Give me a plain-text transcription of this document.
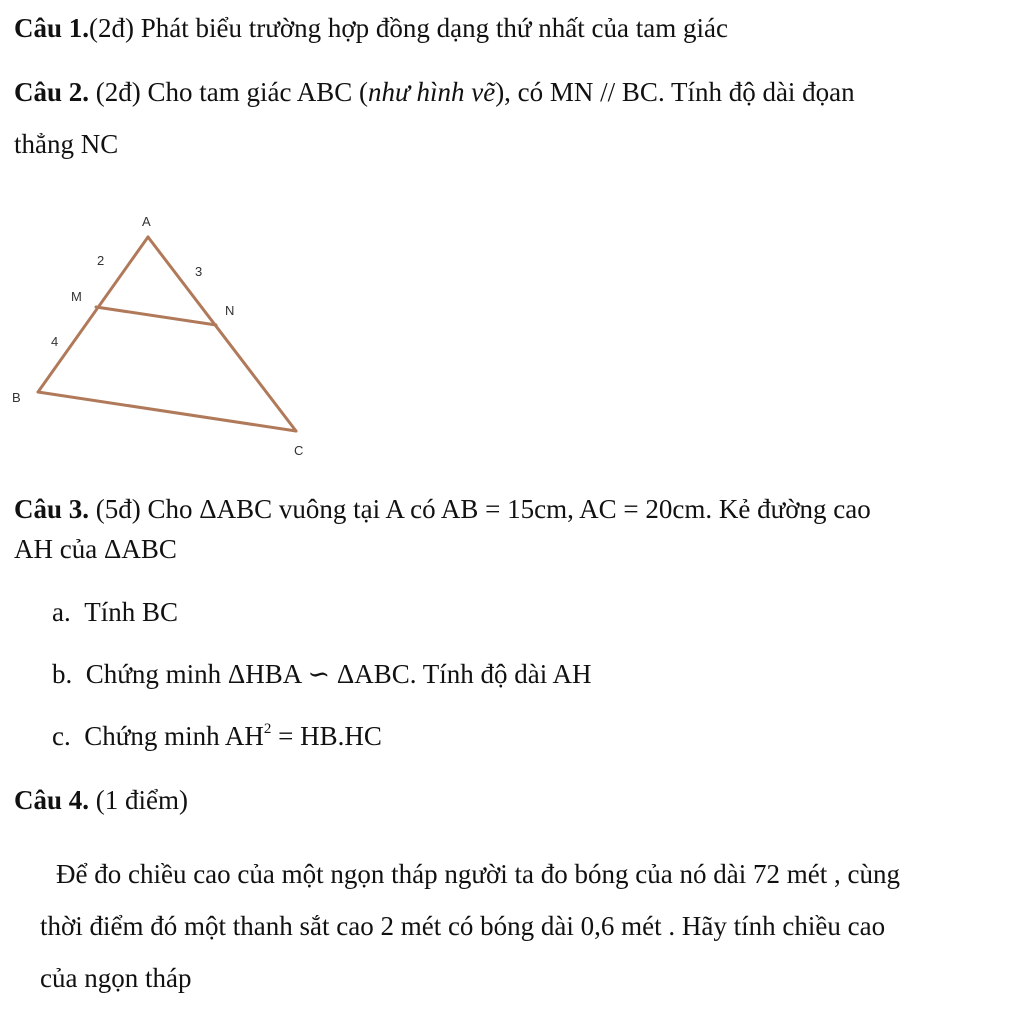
Câu 1.(2đ) Phát biểu trường hợp đồng dạng thứ nhất của tam giác
Câu 2. (2đ) Cho tam giác ABC (như hình vẽ), có MN // BC. Tính độ dài đọan
thẳng NC
A
M
N
B
C
2
3
4
Câu 3. (5đ) Cho ΔABC vuông tại A có AB = 15cm, AC = 20cm. Kẻ đường cao
AH của ΔABC
a. Tính BC
b. Chứng minh ΔHBA ∽ ΔABC. Tính độ dài AH
c. Chứng minh $AH^2 = HB.HC$
Câu 4. (1 điểm)
Để đo chiều cao của một ngọn tháp người ta đo bóng của nó dài 72 mét , cùng
thời điểm đó một thanh sắt cao 2 mét có bóng dài 0,6 mét . Hãy tính chiều cao
của ngọn tháp
